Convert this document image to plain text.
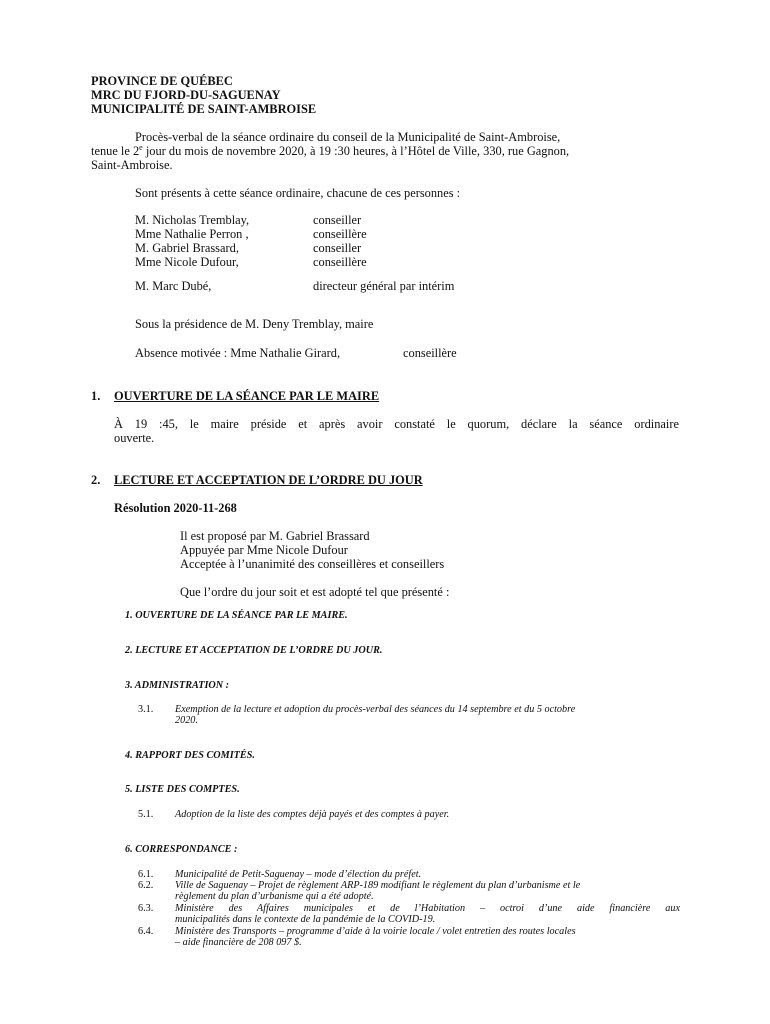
PROVINCE DE QUÉBEC
MRC DU FJORD-DU-SAGUENAY
MUNICIPALITÉ DE SAINT-AMBROISE
Procès-verbal de la séance ordinaire du conseil de la Municipalité de Saint-Ambroise,
tenue le 2e jour du mois de novembre 2020, à 19 :30 heures, à l’Hôtel de Ville, 330, rue Gagnon,
Saint-Ambroise.
Sont présents à cette séance ordinaire, chacune de ces personnes :
M. Nicholas Tremblay,	conseiller
Mme Nathalie Perron ,	conseillère
M. Gabriel Brassard,	conseiller
Mme Nicole Dufour,	conseillère
M. Marc Dubé,	directeur général par intérim
Sous la présidence de M. Deny Tremblay, maire
Absence motivée : Mme Nathalie Girard,	conseillère
1. OUVERTURE DE LA SÉANCE PAR LE MAIRE
À 19 :45, le maire préside et après avoir constaté le quorum, déclare la séance ordinaire
ouverte.
2. LECTURE ET ACCEPTATION DE L’ORDRE DU JOUR
Résolution 2020-11-268
Il est proposé par M. Gabriel Brassard
Appuyée par Mme Nicole Dufour
Acceptée à l’unanimité des conseillères et conseillers
Que l’ordre du jour soit et est adopté tel que présenté :
1. OUVERTURE DE LA SÉANCE PAR LE MAIRE.
2. LECTURE ET ACCEPTATION DE L’ORDRE DU JOUR.
3. ADMINISTRATION :
3.1. Exemption de la lecture et adoption du procès-verbal des séances du 14 septembre et du 5 octobre
2020.
4. RAPPORT DES COMITÉS.
5. LISTE DES COMPTES.
5.1. Adoption de la liste des comptes déjà payés et des comptes à payer.
6. CORRESPONDANCE :
6.1. Municipalité de Petit-Saguenay – mode d’élection du préfet.
6.2. Ville de Saguenay – Projet de règlement ARP-189 modifiant le règlement du plan d’urbanisme et le
règlement du plan d’urbanisme qui a été adopté.
6.3. Ministère des Affaires municipales et de l’Habitation – octroi d’une aide financière aux
municipalités dans le contexte de la pandémie de la COVID-19.
6.4. Ministère des Transports – programme d’aide à la voirie locale / volet entretien des routes locales
– aide financière de 208 097 $.
